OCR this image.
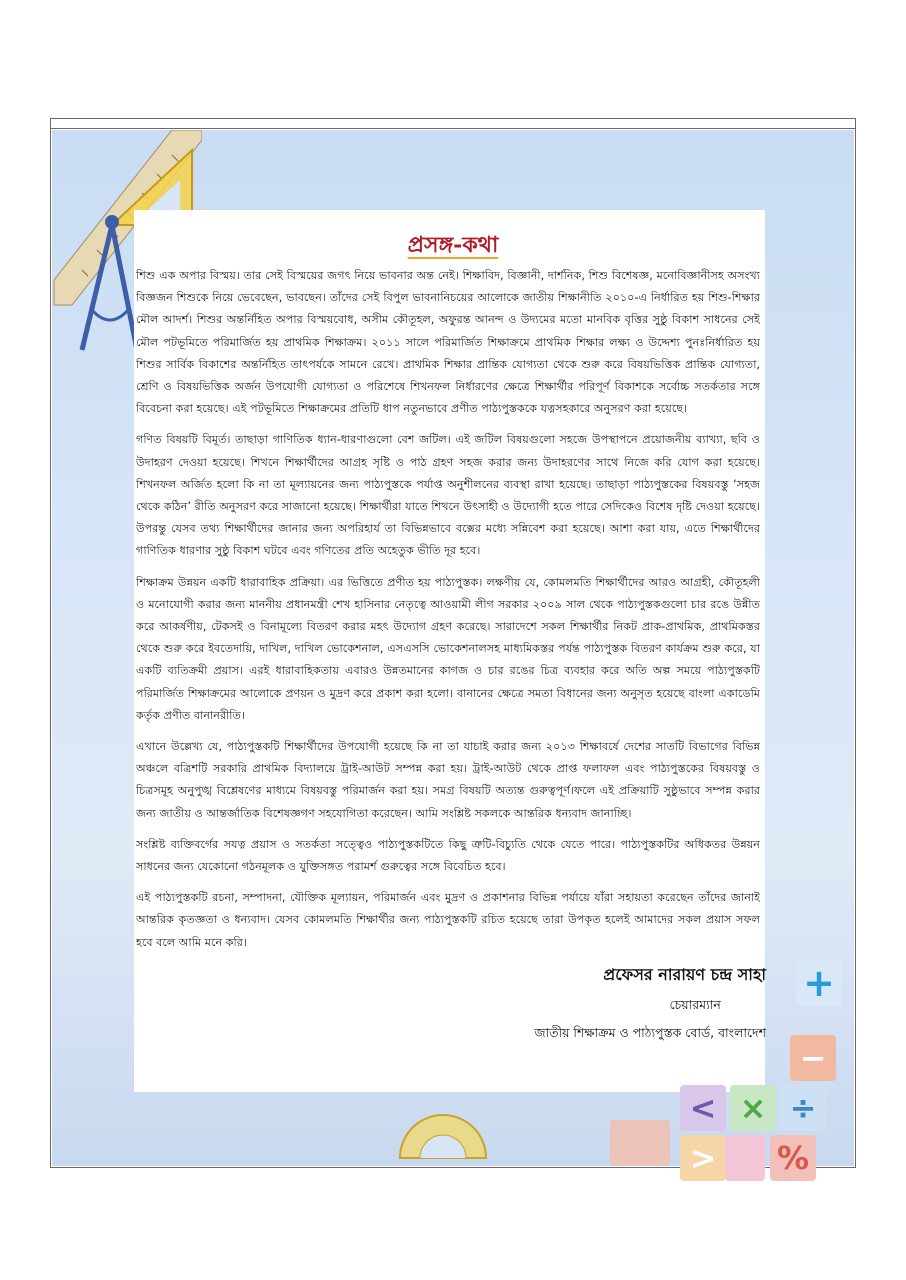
প্রসঙ্গ-কথা

শিশু এক অপার বিস্ময়। তার সেই বিস্ময়ের জগৎ নিয়ে ভাবনার অন্ত নেই। শিক্ষাবিদ, বিজ্ঞানী, দার্শনিক, শিশু বিশেষজ্ঞ, মনোবিজ্ঞানীসহ অসংখ্য বিজ্ঞজন শিশুকে নিয়ে ভেবেছেন, ভাবছেন। তাঁদের সেই বিপুল ভাবনানিচয়ের আলোকে জাতীয় শিক্ষানীতি ২০১০-এ নির্ধারিত হয় শিশু-শিক্ষার মৌল আদর্শ। শিশুর অন্তর্নিহিত অপার বিস্ময়বোধ, অসীম কৌতূহল, অফুরন্ত আনন্দ ও উদ্যমের মতো মানবিক বৃত্তির সুষ্ঠু বিকাশ সাধনের সেই মৌল পটভূমিতে পরিমার্জিত হয় প্রাথমিক শিক্ষাক্রম। ২০১১ সালে পরিমার্জিত শিক্ষাক্রমে প্রাথমিক শিক্ষার লক্ষ্য ও উদ্দেশ্য পুনঃনির্ধারিত হয় শিশুর সার্বিক বিকাশের অন্তর্নিহিত তাৎপর্যকে সামনে রেখে। প্রাথমিক শিক্ষার প্রান্তিক যোগ্যতা থেকে শুরু করে বিষয়ভিত্তিক প্রান্তিক যোগ্যতা, শ্রেণি ও বিষয়ভিত্তিক অর্জন উপযোগী যোগ্যতা ও পরিশেষে শিখনফল নির্ধারণের ক্ষেত্রে শিক্ষার্থীর পরিপূর্ণ বিকাশকে সর্বোচ্চ সতর্কতার সঙ্গে বিবেচনা করা হয়েছে। এই পটভূমিতে শিক্ষাক্রমের প্রতিটি ধাপ নতুনভাবে প্রণীত পাঠ্যপুস্তককে যত্নসহকারে অনুসরণ করা হয়েছে।

গণিত বিষয়টি বিমূর্ত। তাছাড়া গাণিতিক ধ্যান-ধারণাগুলো বেশ জটিল। এই জটিল বিষয়গুলো সহজে উপস্থাপনে প্রয়োজনীয় ব্যাখ্যা, ছবি ও উদাহরণ দেওয়া হয়েছে। শিখনে শিক্ষার্থীদের আগ্রহ সৃষ্টি ও পাঠ গ্রহণ সহজ করার জন্য উদাহরণের সাথে নিজে করি যোগ করা হয়েছে। শিখনফল অর্জিত হলো কি না তা মূল্যায়নের জন্য পাঠ্যপুস্তকে পর্যাপ্ত অনুশীলনের ব্যবস্থা রাখা হয়েছে। তাছাড়া পাঠ্যপুস্তকের বিষয়বস্তু ‘সহজ থেকে কঠিন’ রীতি অনুসরণ করে সাজানো হয়েছে। শিক্ষার্থীরা যাতে শিখনে উৎসাহী ও উদ্যোগী হতে পারে সেদিকেও বিশেষ দৃষ্টি দেওয়া হয়েছে। উপরন্তু যেসব তথ্য শিক্ষার্থীদের জানার জন্য অপরিহার্য তা বিভিন্নভাবে বক্সের মধ্যে সন্নিবেশ করা হয়েছে। আশা করা যায়, এতে শিক্ষার্থীদের গাণিতিক ধারণার সুষ্ঠু বিকাশ ঘটবে এবং গণিতের প্রতি অহেতুক ভীতি দূর হবে।

শিক্ষাক্রম উন্নয়ন একটি ধারাবাহিক প্রক্রিয়া। এর ভিত্তিতে প্রণীত হয় পাঠ্যপুস্তক। লক্ষণীয় যে, কোমলমতি শিক্ষার্থীদের আরও আগ্রহী, কৌতূহলী ও মনোযোগী করার জন্য মাননীয় প্রধানমন্ত্রী শেখ হাসিনার নেতৃত্বে আওয়ামী লীগ সরকার ২০০৯ সাল থেকে পাঠ্যপুস্তকগুলো চার রঙে উন্নীত করে আকর্ষণীয়, টেকসই ও বিনামূল্যে বিতরণ করার মহৎ উদ্যোগ গ্রহণ করেছে। সারাদেশে সকল শিক্ষার্থীর নিকট প্রাক-প্রাথমিক, প্রাথমিকস্তর থেকে শুরু করে ইবতেদায়ি, দাখিল, দাখিল ভোকেশনাল, এসএসসি ভোকেশনালসহ মাধ্যমিকস্তর পর্যন্ত পাঠ্যপুস্তক বিতরণ কার্যক্রম শুরু করে, যা একটি ব্যতিক্রমী প্রয়াস। এরই ধারাবাহিকতায় এবারও উন্নতমানের কাগজ ও চার রঙের চিত্র ব্যবহার করে অতি অল্প সময়ে পাঠ্যপুস্তকটি পরিমার্জিত শিক্ষাক্রমের আলোকে প্রণয়ন ও মুদ্রণ করে প্রকাশ করা হলো। বানানের ক্ষেত্রে সমতা বিধানের জন্য অনুসৃত হয়েছে বাংলা একাডেমি কর্তৃক প্রণীত বানানরীতি।

এখানে উল্লেখ্য যে, পাঠ্যপুস্তকটি শিক্ষার্থীদের উপযোগী হয়েছে কি না তা যাচাই করার জন্য ২০১৩ শিক্ষাবর্ষে দেশের সাতটি বিভাগের বিভিন্ন অঞ্চলে বত্রিশটি সরকারি প্রাথমিক বিদ্যালয়ে ট্রাই-আউট সম্পন্ন করা হয়। ট্রাই-আউট থেকে প্রাপ্ত ফলাফল এবং পাঠ্যপুস্তকের বিষয়বস্তু ও চিত্রসমূহ অনুপুঙ্খ বিশ্লেষণের মাধ্যমে বিষয়বস্তু পরিমার্জন করা হয়। সমগ্র বিষয়টি অত্যন্ত গুরুত্বপূর্ণ।ফলে এই প্রক্রিয়াটি সুষ্ঠুভাবে সম্পন্ন করার জন্য জাতীয় ও আন্তর্জাতিক বিশেষজ্ঞগণ সহযোগিতা করেছেন। আমি সংশ্লিষ্ট সকলকে আন্তরিক ধন্যবাদ জানাচ্ছি।

সংশ্লিষ্ট ব্যক্তিবর্গের সযত্ন প্রয়াস ও সতর্কতা সত্ত্বেও পাঠ্যপুস্তকটিতে কিছু ত্রুটি-বিচ্যুতি থেকে যেতে পারে। পাঠ্যপুস্তকটির অধিকতর উন্নয়ন সাধনের জন্য যেকোনো গঠনমূলক ও যুক্তিসঙ্গত পরামর্শ গুরুত্বের সঙ্গে বিবেচিত হবে।

এই পাঠ্যপুস্তকটি রচনা, সম্পাদনা, যৌক্তিক মূল্যায়ন, পরিমার্জন এবং মুদ্রণ ও প্রকাশনার বিভিন্ন পর্যায়ে যাঁরা সহায়তা করেছেন তাঁদের জানাই আন্তরিক কৃতজ্ঞতা ও ধন্যবাদ। যেসব কোমলমতি শিক্ষার্থীর জন্য পাঠ্যপুস্তকটি রচিত হয়েছে তারা উপকৃত হলেই আমাদের সকল প্রয়াস সফল হবে বলে আমি মনে করি।

প্রফেসর নারায়ণ চন্দ্র সাহা
চেয়ারম্যান
জাতীয় শিক্ষাক্রম ও পাঠ্যপুস্তক বোর্ড, বাংলাদেশ
+
−
< × ÷
> %
